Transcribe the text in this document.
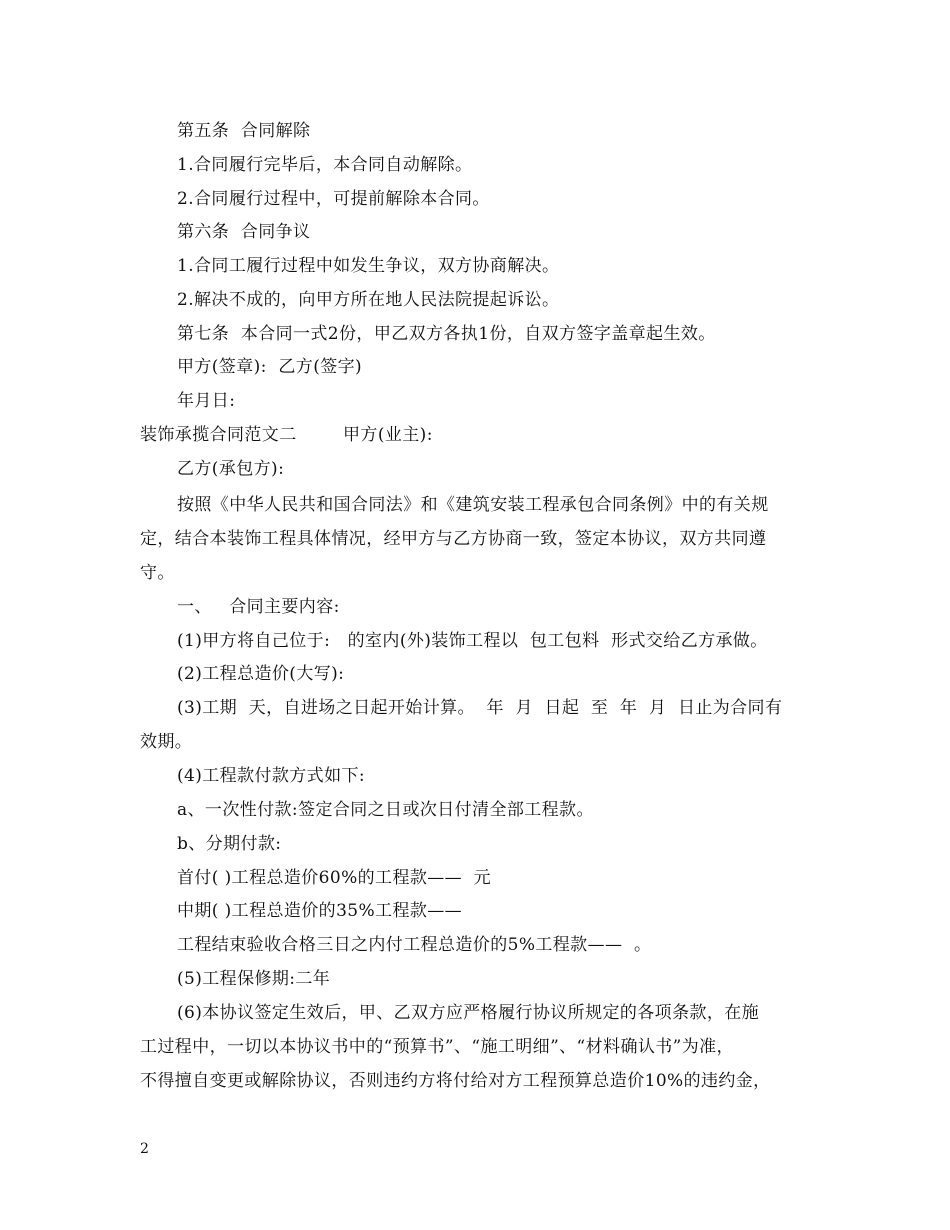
第五条  合同解除
1.合同履行完毕后，本合同自动解除。
2.合同履行过程中，可提前解除本合同。
第六条  合同争议
1.合同工履行过程中如发生争议，双方协商解决。
2.解决不成的，向甲方所在地人民法院提起诉讼。
第七条  本合同一式2份，甲乙双方各执1份，自双方签字盖章起生效。
甲方(签章):  乙方(签字)
年月日:
装饰承揽合同范文二        甲方(业主):
乙方(承包方):
按照《中华人民共和国合同法》和《建筑安装工程承包合同条例》中的有关规
定，结合本装饰工程具体情况，经甲方与乙方协商一致，签定本协议，双方共同遵
守。
一、   合同主要内容:
(1)甲方将自己位于:   的室内(外)装饰工程以  包工包料  形式交给乙方承做。
(2)工程总造价(大写):
(3)工期  天，自进场之日起开始计算。  年  月  日起  至  年  月  日止为合同有
效期。
(4)工程款付款方式如下:
a、一次性付款:签定合同之日或次日付清全部工程款。
b、分期付款:
首付( )工程总造价60%的工程款——  元
中期( )工程总造价的35%工程款——
工程结束验收合格三日之内付工程总造价的5%工程款——  。
(5)工程保修期:二年
(6)本协议签定生效后，甲、乙双方应严格履行协议所规定的各项条款，在施
工过程中，一切以本协议书中的“预算书”、“施工明细”、“材料确认书”为准，
不得擅自变更或解除协议，否则违约方将付给对方工程预算总造价10%的违约金，
2
